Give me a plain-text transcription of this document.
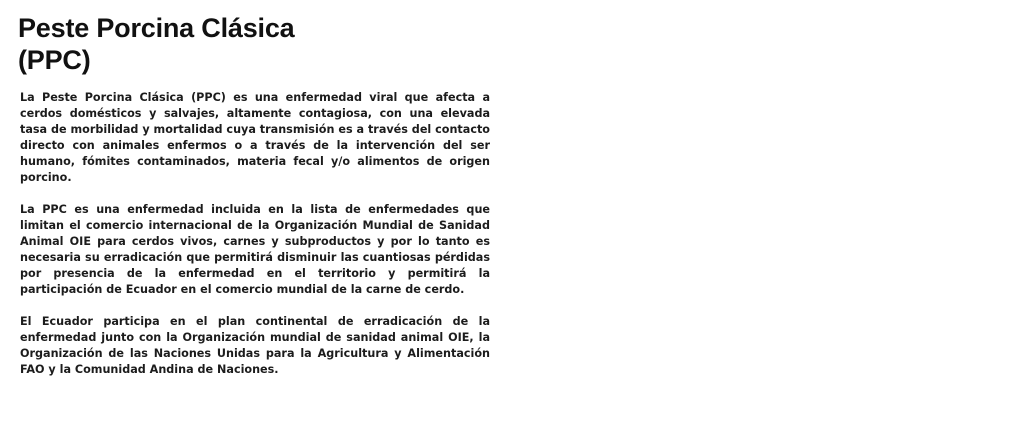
Peste Porcina Clásica
(PPC)

La Peste Porcina Clásica (PPC) es una enfermedad viral que afecta a cerdos domésticos y salvajes, altamente contagiosa, con una elevada tasa de morbilidad y mortalidad cuya transmisión es a través del contacto directo con animales enfermos o a través de la intervención del ser humano, fómites contaminados, materia fecal y/o alimentos de origen porcino.

La PPC es una enfermedad incluida en la lista de enfermedades que limitan el comercio internacional de la Organización Mundial de Sanidad Animal OIE para cerdos vivos, carnes y subproductos y por lo tanto es necesaria su erradicación que permitirá disminuir las cuantiosas pérdidas por presencia de la enfermedad en el territorio y permitirá la participación de Ecuador en el comercio mundial de la carne de cerdo.

El Ecuador participa en el plan continental de erradicación de la enfermedad junto con la Organización mundial de sanidad animal OIE, la Organización de las Naciones Unidas para la Agricultura y Alimentación FAO y la Comunidad Andina de Naciones.
